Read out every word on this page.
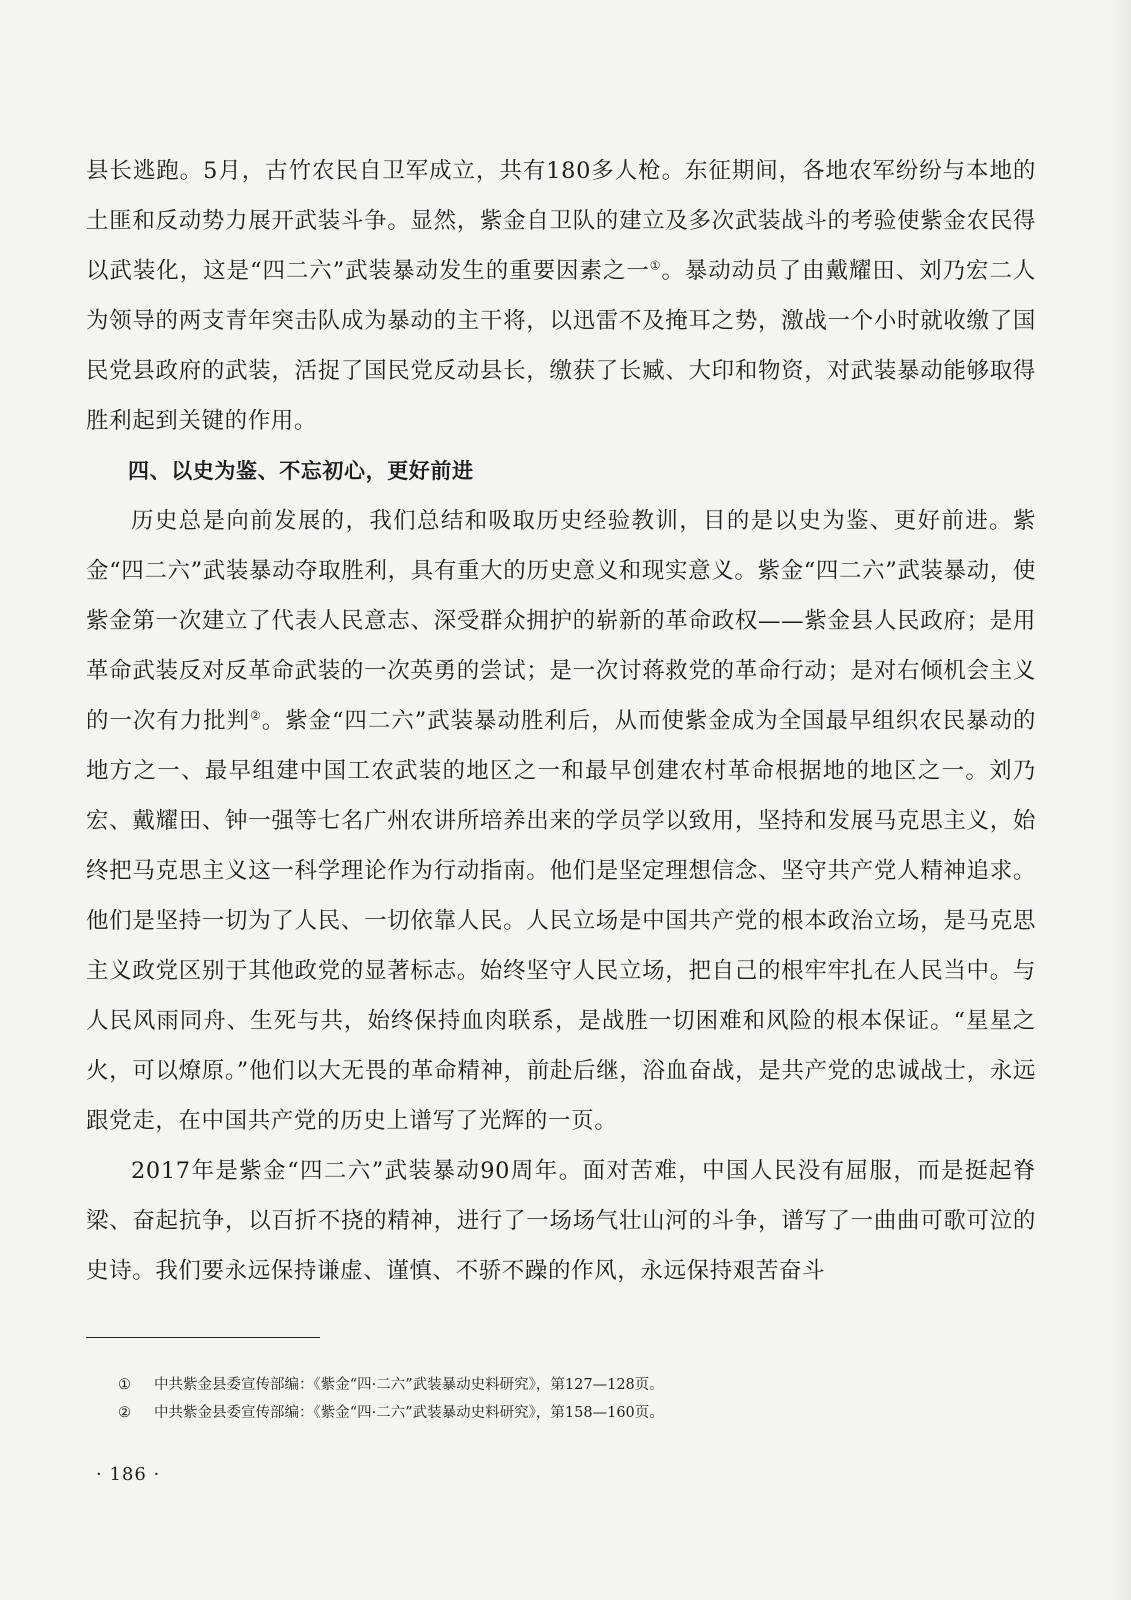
县长逃跑。5月，古竹农民自卫军成立，共有180多人枪。东征期间，各地农军纷纷与本地的土匪和反动势力展开武装斗争。显然，紫金自卫队的建立及多次武装战斗的考验使紫金农民得以武装化，这是“四二六”武装暴动发生的重要因素之一①。暴动动员了由戴耀田、刘乃宏二人为领导的两支青年突击队成为暴动的主干将，以迅雷不及掩耳之势，激战一个小时就收缴了国民党县政府的武装，活捉了国民党反动县长，缴获了长臧、大印和物资，对武装暴动能够取得胜利起到关键的作用。

四、以史为鉴、不忘初心，更好前进

历史总是向前发展的，我们总结和吸取历史经验教训，目的是以史为鉴、更好前进。紫金“四二六”武装暴动夺取胜利，具有重大的历史意义和现实意义。紫金“四二六”武装暴动，使紫金第一次建立了代表人民意志、深受群众拥护的崭新的革命政权——紫金县人民政府；是用革命武装反对反革命武装的一次英勇的尝试；是一次讨蒋救党的革命行动；是对右倾机会主义的一次有力批判②。紫金“四二六”武装暴动胜利后，从而使紫金成为全国最早组织农民暴动的地方之一、最早组建中国工农武装的地区之一和最早创建农村革命根据地的地区之一。刘乃宏、戴耀田、钟一强等七名广州农讲所培养出来的学员学以致用，坚持和发展马克思主义，始终把马克思主义这一科学理论作为行动指南。他们是坚定理想信念、坚守共产党人精神追求。他们是坚持一切为了人民、一切依靠人民。人民立场是中国共产党的根本政治立场，是马克思主义政党区别于其他政党的显著标志。始终坚守人民立场，把自己的根牢牢扎在人民当中。与人民风雨同舟、生死与共，始终保持血肉联系，是战胜一切困难和风险的根本保证。“星星之火，可以燎原。”他们以大无畏的革命精神，前赴后继，浴血奋战，是共产党的忠诚战士，永远跟党走，在中国共产党的历史上谱写了光辉的一页。

2017年是紫金“四二六”武装暴动90周年。面对苦难，中国人民没有屈服，而是挺起脊梁、奋起抗争，以百折不挠的精神，进行了一场场气壮山河的斗争，谱写了一曲曲可歌可泣的史诗。我们要永远保持谦虚、谨慎、不骄不躁的作风，永远保持艰苦奋斗

①	中共紫金县委宣传部编：《紫金“四·二六”武装暴动史料研究》，第127—128页。
②	中共紫金县委宣传部编：《紫金“四·二六”武装暴动史料研究》，第158—160页。
· 186 ·
